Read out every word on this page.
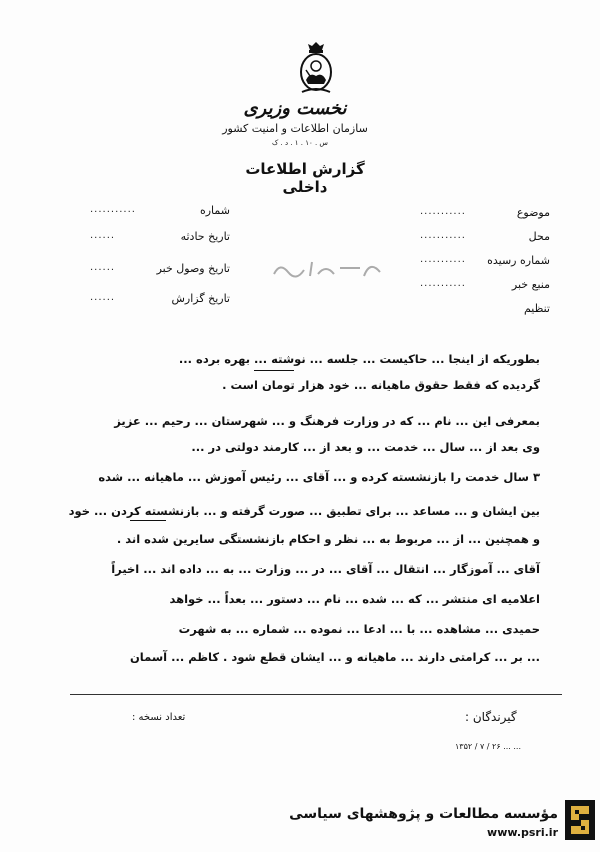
نخست وزیری
سازمان اطلاعات و امنیت کشور
س . ۱۰ . ۱ . د . ک
گزارش اطلاعات داخلی
موضوع
...........
محل
...........
شماره رسیده
...........
منبع خبر
...........
تنظیم
شماره
...........
تاریخ حادثه
......
تاریخ وصول خبر
......
تاریخ گزارش
......
بطوریکه از اینجا ... حاکیست ... جلسه ... نوشته ... بهره برده ...
گردیده که فقط حقوق ماهیانه ... خود هزار تومان است .
بمعرفی این ... نام ... که در وزارت فرهنگ و ... شهرستان ... رحیم ... عزیز
وی بعد از ... سال ... خدمت ... و بعد از ... کارمند دولتی در ...
۳ سال خدمت را بازنشسته کرده و ... آقای ... رئیس آموزش ... ماهیانه ... شده
بین ایشان و ... مساعد ... برای تطبیق ... صورت گرفته و ... بازنشسته کردن ... خود
و همچنین ... از ... مربوط به ... نظر و احکام بازنشستگی سایرین شده اند .
آقای ... آموزگار ... انتقال ... آقای ... در ... وزارت ... به ... داده اند ... اخیراً
اعلامیه ای منتشر ... که ... شده ... نام ... دستور ... بعداً ... خواهد
حمیدی ... مشاهده ... با ... ادعا ... نموده ... شماره ... به شهرت
... بر ... کرامتی دارند ... ماهیانه و ... ایشان قطع شود . کاظم ... آسمان
گیرندگان :
تعداد نسخه :
۱۳۵۲ / ۷ / ۲۶ ... ...
مؤسسه مطالعات و پژوهشهای سیاسی
www.psri.ir
